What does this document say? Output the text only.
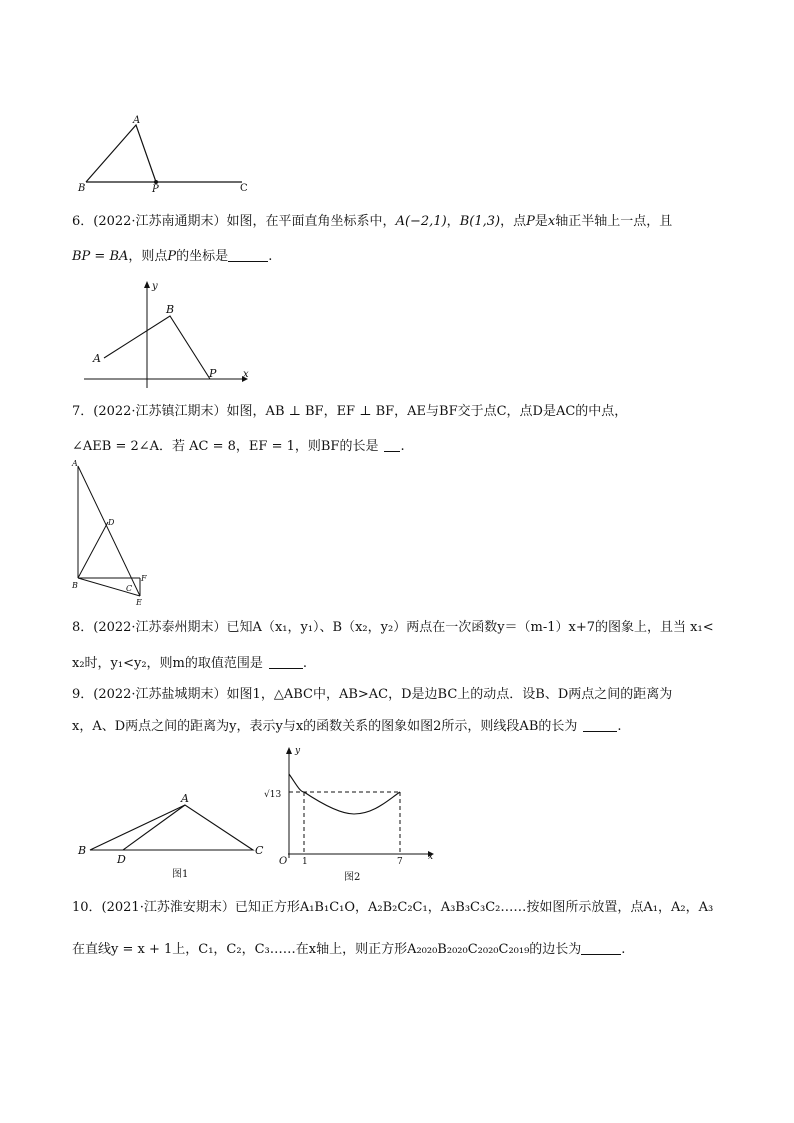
A
B	P	C
6．(2022·江苏南通期末）如图，在平面直角坐标系中，A(−2,1)，B(1,3)，点P是x轴正半轴上一点，且
BP = BA，则点P的坐标是	.
A
B
P	x
y
7．(2022·江苏镇江期末）如图，AB ⊥ BF，EF ⊥ BF，AE与BF交于点C，点D是AC的中点，
∠AEB = 2∠A．若 AC = 8，EF = 1，则BF的长是 .
A
D
B	C
F
E
8．(2022·江苏泰州期末）已知A（x₁，y₁）、B（x₂，y₂）两点在一次函数y＝（m-1）x+7的图象上，且当 x₁<
x₂时，y₁<y₂，则m的取值范围是	.
9．(2022·江苏盐城期末）如图1，△ABC中，AB>AC，D是边BC上的动点．设B、D两点之间的距离为
x，A、D两点之间的距离为y，表示y与x的函数关系的图象如图2所示，则线段AB的长为	.
A
B	C
D
图1
y
x
O
√13
1	7
图2
10．(2021·江苏淮安期末）已知正方形A₁B₁C₁O，A₂B₂C₂C₁，A₃B₃C₃C₂……按如图所示放置，点A₁，A₂，A₃
在直线y = x + 1上，C₁，C₂，C₃……在x轴上，则正方形A₂₀₂₀B₂₀₂₀C₂₀₂₀C₂₀₁₉的边长为	.
